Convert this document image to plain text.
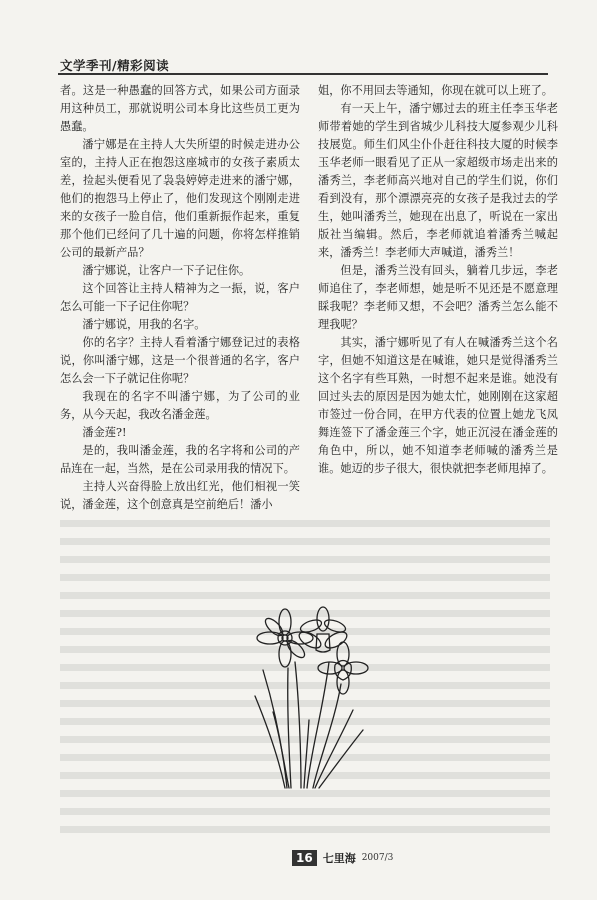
文学季刊/精彩阅读

者。这是一种愚蠢的回答方式，如果公司方面录用这种员工，那就说明公司本身比这些员工更为愚蠢。

潘宁娜是在主持人大失所望的时候走进办公室的，主持人正在抱怨这座城市的女孩子素质太差，捡起头便看见了袅袅婷婷走进来的潘宁娜，他们的抱怨马上停止了，他们发现这个刚刚走进来的女孩子一脸自信，他们重新振作起来，重复那个他们已经问了几十遍的问题，你将怎样推销公司的最新产品？

潘宁娜说，让客户一下子记住你。

这个回答让主持人精神为之一振，说，客户怎么可能一下子记住你呢？

潘宁娜说，用我的名字。

你的名字？主持人看着潘宁娜登记过的表格说，你叫潘宁娜，这是一个很普通的名字，客户怎么会一下子就记住你呢？

我现在的名字不叫潘宁娜，为了公司的业务，从今天起，我改名潘金莲。

潘金莲?!

是的，我叫潘金莲，我的名字将和公司的产品连在一起，当然，是在公司录用我的情况下。

主持人兴奋得脸上放出红光，他们相视一笑说，潘金莲，这个创意真是空前绝后！潘小

姐，你不用回去等通知，你现在就可以上班了。

有一天上午，潘宁娜过去的班主任李玉华老师带着她的学生到省城少儿科技大厦参观少儿科技展览。师生们风尘仆仆赶往科技大厦的时候李玉华老师一眼看见了正从一家超级市场走出来的潘秀兰，李老师高兴地对自己的学生们说，你们看到没有，那个漂漂亮亮的女孩子是我过去的学生，她叫潘秀兰，她现在出息了，听说在一家出版社当编辑。然后，李老师就追着潘秀兰喊起来，潘秀兰！李老师大声喊道，潘秀兰！

但是，潘秀兰没有回头，躺着几步远，李老师追住了，李老师想，她是听不见还是不愿意理睬我呢？李老师又想，不会吧？潘秀兰怎么能不理我呢？

其实，潘宁娜听见了有人在喊潘秀兰这个名字，但她不知道这是在喊谁，她只是觉得潘秀兰这个名字有些耳熟，一时想不起来是谁。她没有回过头去的原因是因为她太忙，她刚刚在这家超市签过一份合同，在甲方代表的位置上她龙飞凤舞连签下了潘金莲三个字，她正沉浸在潘金莲的角色中，所以，她不知道李老师喊的潘秀兰是谁。她迈的步子很大，很快就把李老师甩掉了。

16 七里海 2007/3
